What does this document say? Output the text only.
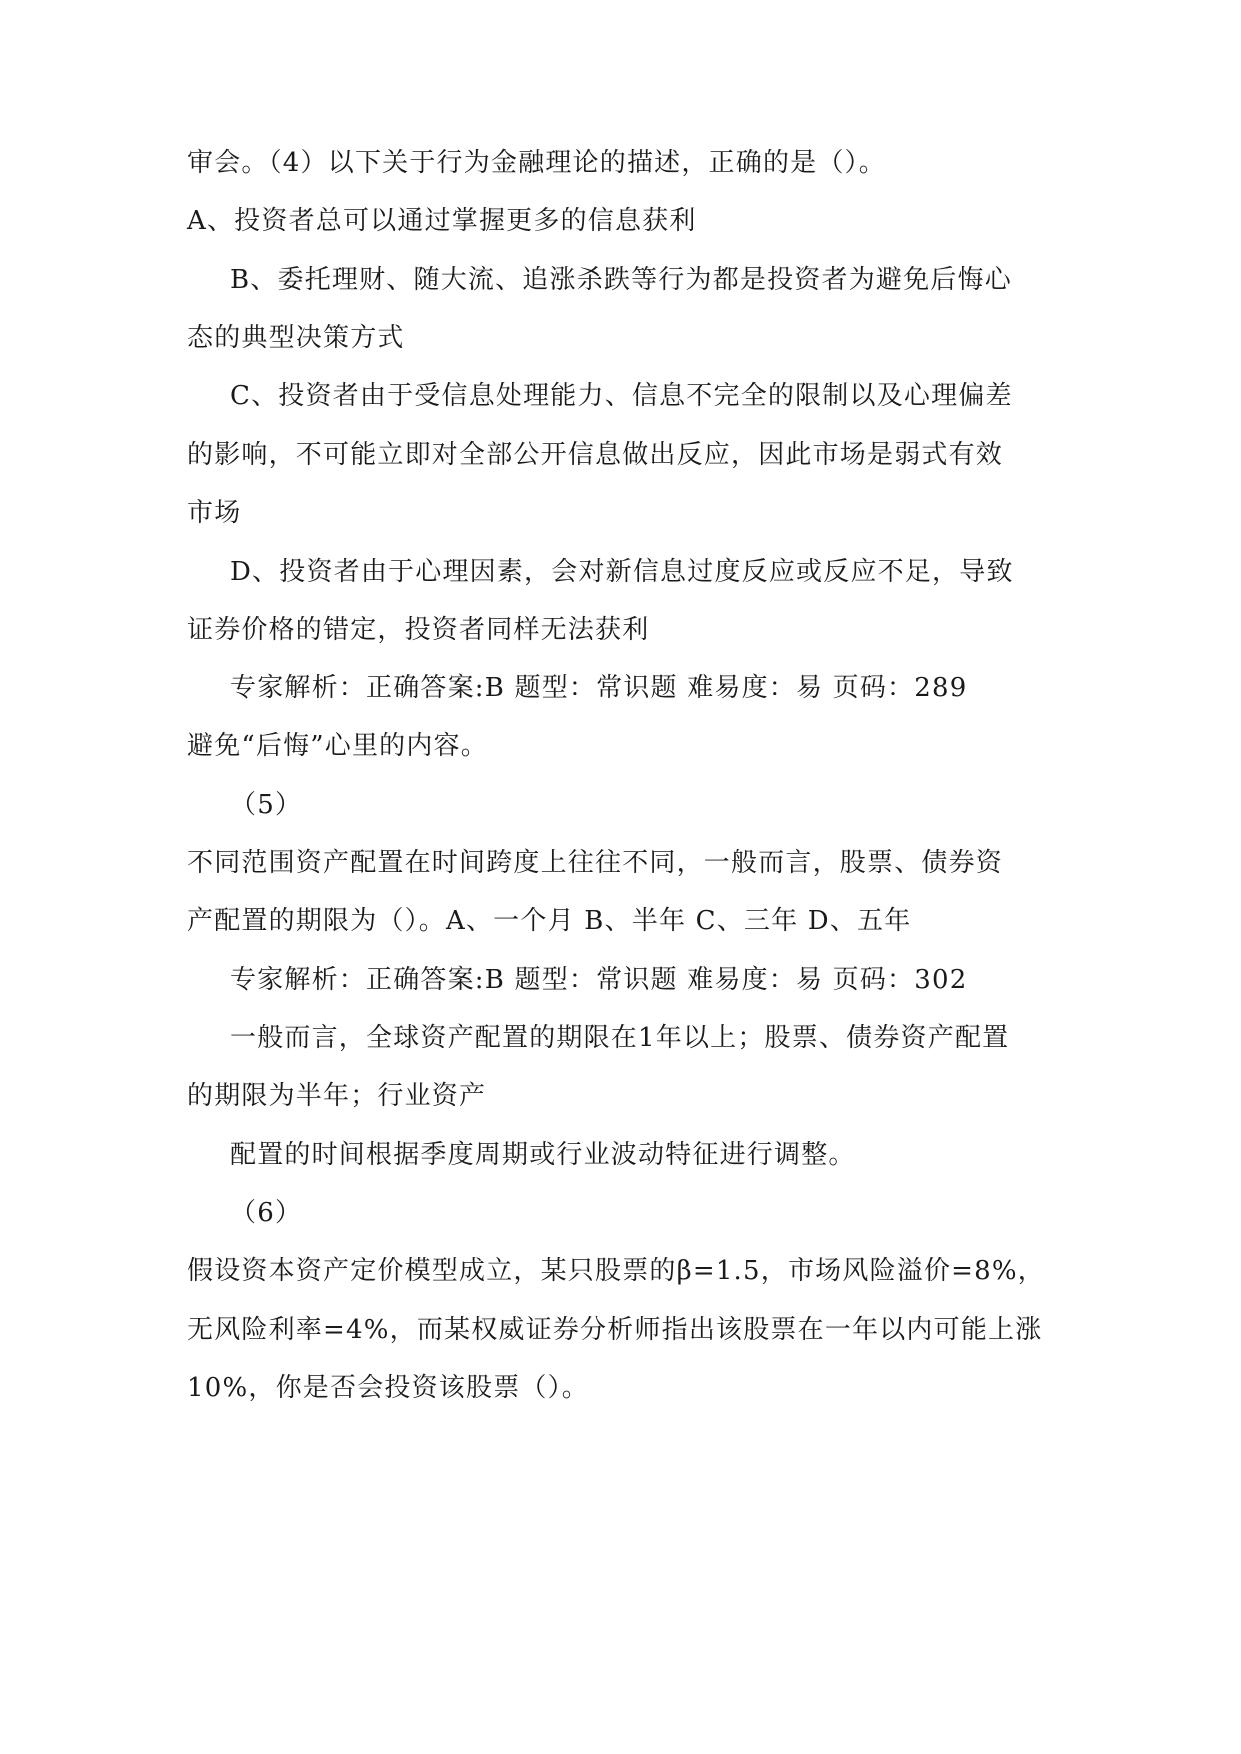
审会。（4）以下关于行为金融理论的描述，正确的是（）。
A、投资者总可以通过掌握更多的信息获利
B、委托理财、随大流、追涨杀跌等行为都是投资者为避免后悔心
态的典型决策方式
C、投资者由于受信息处理能力、信息不完全的限制以及心理偏差
的影响，不可能立即对全部公开信息做出反应，因此市场是弱式有效
市场
D、投资者由于心理因素，会对新信息过度反应或反应不足，导致
证券价格的错定，投资者同样无法获利
专家解析：正确答案:B 题型：常识题 难易度：易 页码：289
避免“后悔”心里的内容。
（5）
不同范围资产配置在时间跨度上往往不同，一般而言，股票、债券资
产配置的期限为（）。A、一个月 B、半年 C、三年 D、五年
专家解析：正确答案:B 题型：常识题 难易度：易 页码：302
一般而言，全球资产配置的期限在1年以上；股票、债券资产配置
的期限为半年；行业资产
配置的时间根据季度周期或行业波动特征进行调整。
（6）
假设资本资产定价模型成立，某只股票的β=1.5，市场风险溢价=8%，
无风险利率=4%，而某权威证券分析师指出该股票在一年以内可能上涨
10%，你是否会投资该股票（）。
